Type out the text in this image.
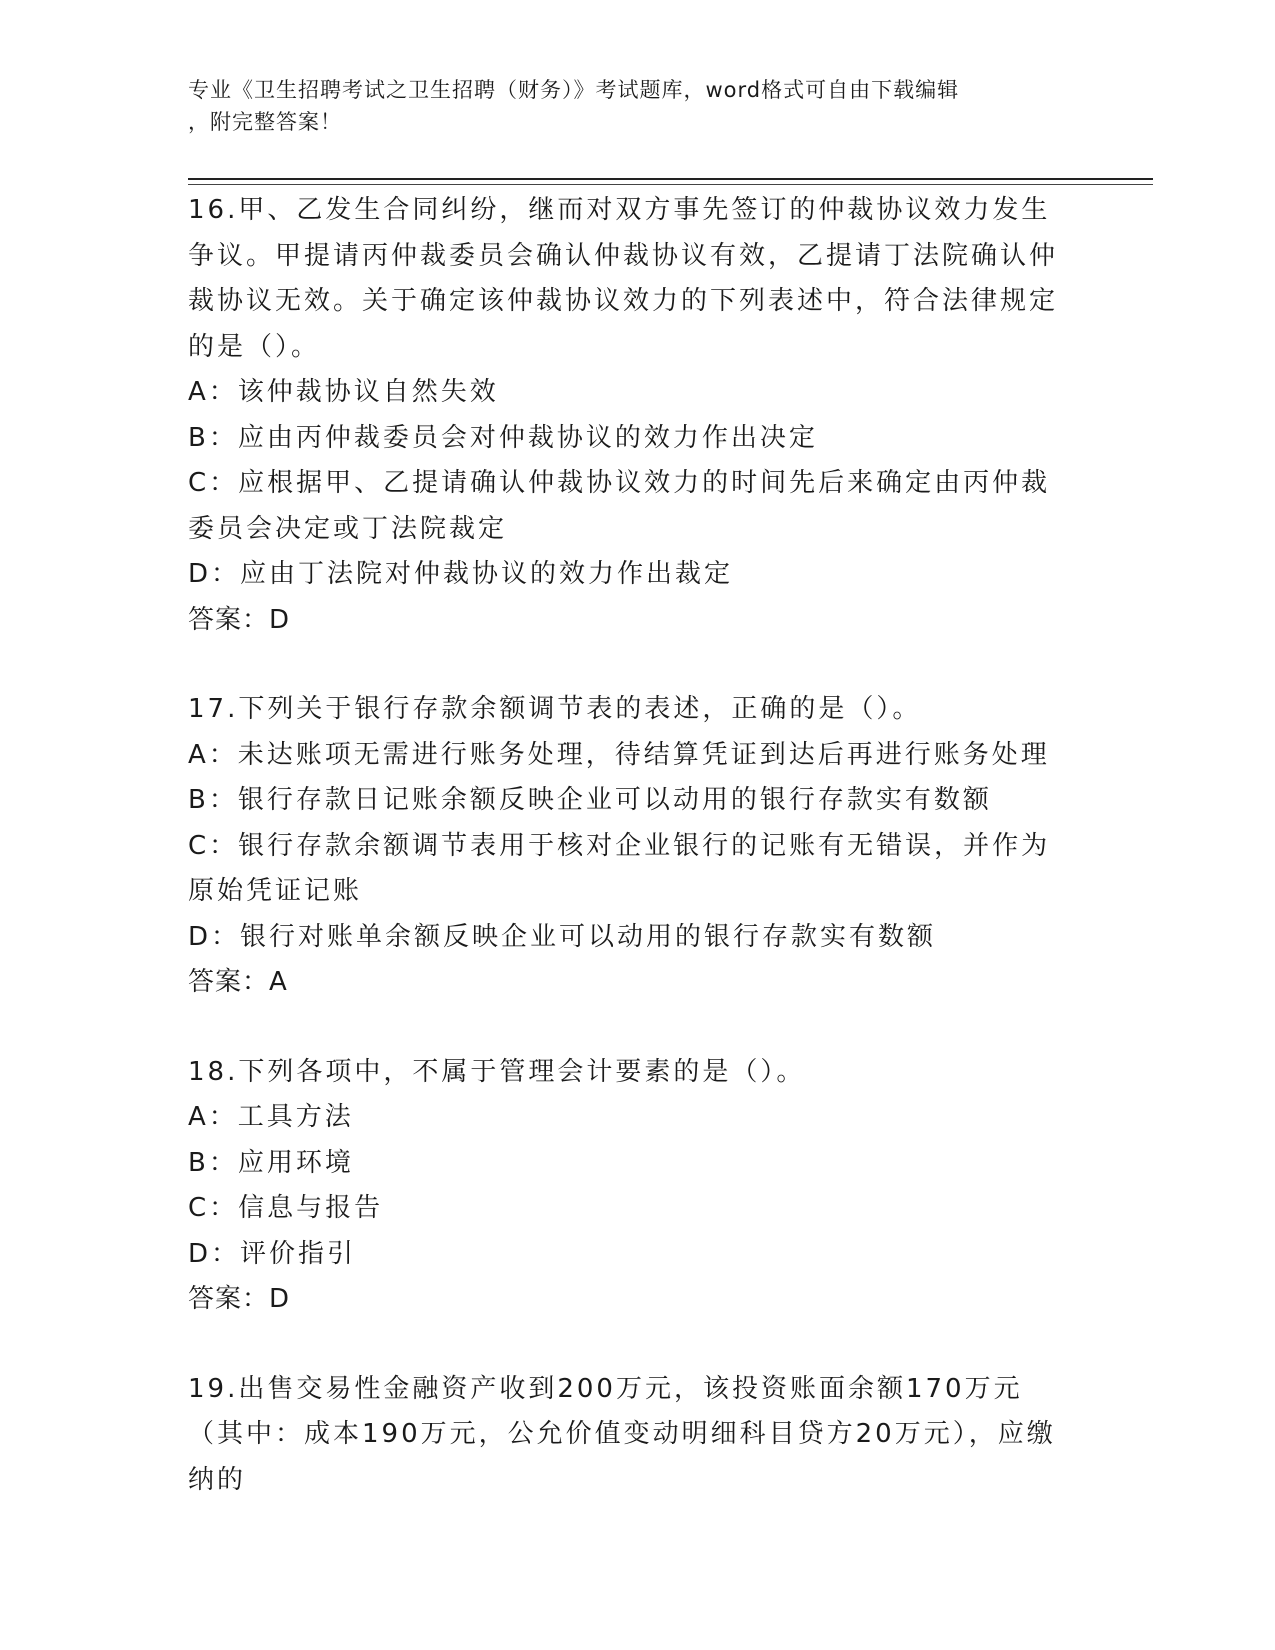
专业《卫生招聘考试之卫生招聘（财务）》考试题库，word格式可自由下载编辑
，附完整答案！

16.甲、乙发生合同纠纷，继而对双方事先签订的仲裁协议效力发生争议。甲提请丙仲裁委员会确认仲裁协议有效，乙提请丁法院确认仲裁协议无效。关于确定该仲裁协议效力的下列表述中，符合法律规定的是（）。

A：该仲裁协议自然失效

B：应由丙仲裁委员会对仲裁协议的效力作出决定

C：应根据甲、乙提请确认仲裁协议效力的时间先后来确定由丙仲裁委员会决定或丁法院裁定

D：应由丁法院对仲裁协议的效力作出裁定

答案：D

17.下列关于银行存款余额调节表的表述，正确的是（）。

A：未达账项无需进行账务处理，待结算凭证到达后再进行账务处理

B：银行存款日记账余额反映企业可以动用的银行存款实有数额

C：银行存款余额调节表用于核对企业银行的记账有无错误，并作为原始凭证记账

D：银行对账单余额反映企业可以动用的银行存款实有数额

答案：A

18.下列各项中，不属于管理会计要素的是（）。

A：工具方法

B：应用环境

C：信息与报告

D：评价指引

答案：D

19.出售交易性金融资产收到200万元，该投资账面余额170万元（其中：成本190万元，公允价值变动明细科目贷方20万元），应缴纳的
